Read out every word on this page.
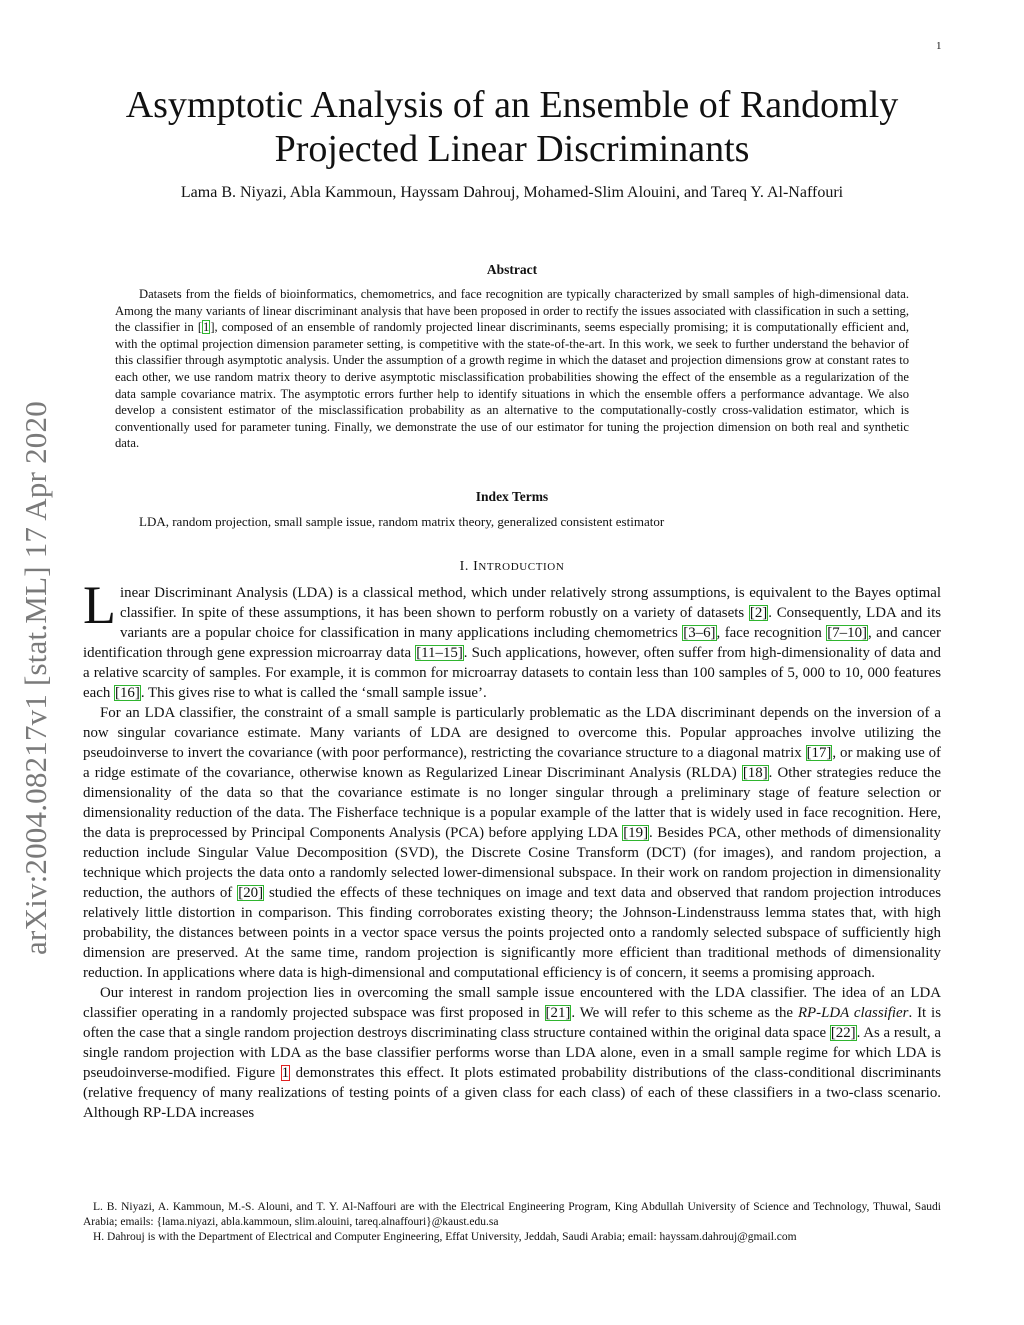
1
arXiv:2004.08217v1 [stat.ML] 17 Apr 2020
Asymptotic Analysis of an Ensemble of Randomly
Projected Linear Discriminants
Lama B. Niyazi, Abla Kammoun, Hayssam Dahrouj, Mohamed-Slim Alouini, and Tareq Y. Al-Naffouri
Abstract

Datasets from the fields of bioinformatics, chemometrics, and face recognition are typically characterized by small samples of high-dimensional data. Among the many variants of linear discriminant analysis that have been proposed in order to rectify the issues associated with classification in such a setting, the classifier in [1], composed of an ensemble of randomly projected linear discriminants, seems especially promising; it is computationally efficient and, with the optimal projection dimension parameter setting, is competitive with the state-of-the-art. In this work, we seek to further understand the behavior of this classifier through asymptotic analysis. Under the assumption of a growth regime in which the dataset and projection dimensions grow at constant rates to each other, we use random matrix theory to derive asymptotic misclassification probabilities showing the effect of the ensemble as a regularization of the data sample covariance matrix. The asymptotic errors further help to identify situations in which the ensemble offers a performance advantage. We also develop a consistent estimator of the misclassification probability as an alternative to the computationally-costly cross-validation estimator, which is conventionally used for parameter tuning. Finally, we demonstrate the use of our estimator for tuning the projection dimension on both real and synthetic data.

Index Terms

LDA, random projection, small sample issue, random matrix theory, generalized consistent estimator

I. INTRODUCTION

Linear Discriminant Analysis (LDA) is a classical method, which under relatively strong assumptions, is equivalent to the Bayes optimal classifier. In spite of these assumptions, it has been shown to perform robustly on a variety of datasets [2]. Consequently, LDA and its variants are a popular choice for classification in many applications including chemometrics [3–6], face recognition [7–10], and cancer identification through gene expression microarray data [11–15]. Such applications, however, often suffer from high-dimensionality of data and a relative scarcity of samples. For example, it is common for microarray datasets to contain less than 100 samples of 5, 000 to 10, 000 features each [16]. This gives rise to what is called the ‘small sample issue’.

For an LDA classifier, the constraint of a small sample is particularly problematic as the LDA discriminant depends on the inversion of a now singular covariance estimate. Many variants of LDA are designed to overcome this. Popular approaches involve utilizing the pseudoinverse to invert the covariance (with poor performance), restricting the covariance structure to a diagonal matrix [17], or making use of a ridge estimate of the covariance, otherwise known as Regularized Linear Discriminant Analysis (RLDA) [18]. Other strategies reduce the dimensionality of the data so that the covariance estimate is no longer singular through a preliminary stage of feature selection or dimensionality reduction of the data. The Fisherface technique is a popular example of the latter that is widely used in face recognition. Here, the data is preprocessed by Principal Components Analysis (PCA) before applying LDA [19]. Besides PCA, other methods of dimensionality reduction include Singular Value Decomposition (SVD), the Discrete Cosine Transform (DCT) (for images), and random projection, a technique which projects the data onto a randomly selected lower-dimensional subspace. In their work on random projection in dimensionality reduction, the authors of [20] studied the effects of these techniques on image and text data and observed that random projection introduces relatively little distortion in comparison. This finding corroborates existing theory; the Johnson-Lindenstrauss lemma states that, with high probability, the distances between points in a vector space versus the points projected onto a randomly selected subspace of sufficiently high dimension are preserved. At the same time, random projection is significantly more efficient than traditional methods of dimensionality reduction. In applications where data is high-dimensional and computational efficiency is of concern, it seems a promising approach.

Our interest in random projection lies in overcoming the small sample issue encountered with the LDA classifier. The idea of an LDA classifier operating in a randomly projected subspace was first proposed in [21]. We will refer to this scheme as the RP-LDA classifier. It is often the case that a single random projection destroys discriminating class structure contained within the original data space [22]. As a result, a single random projection with LDA as the base classifier performs worse than LDA alone, even in a small sample regime for which LDA is pseudoinverse-modified. Figure 1 demonstrates this effect. It plots estimated probability distributions of the class-conditional discriminants (relative frequency of many realizations of testing points of a given class for each class) of each of these classifiers in a two-class scenario. Although RP-LDA increases

L. B. Niyazi, A. Kammoun, M.-S. Alouni, and T. Y. Al-Naffouri are with the Electrical Engineering Program, King Abdullah University of Science and Technology, Thuwal, Saudi Arabia; emails: {lama.niyazi, abla.kammoun, slim.alouini, tareq.alnaffouri}@kaust.edu.sa

H. Dahrouj is with the Department of Electrical and Computer Engineering, Effat University, Jeddah, Saudi Arabia; email: hayssam.dahrouj@gmail.com
